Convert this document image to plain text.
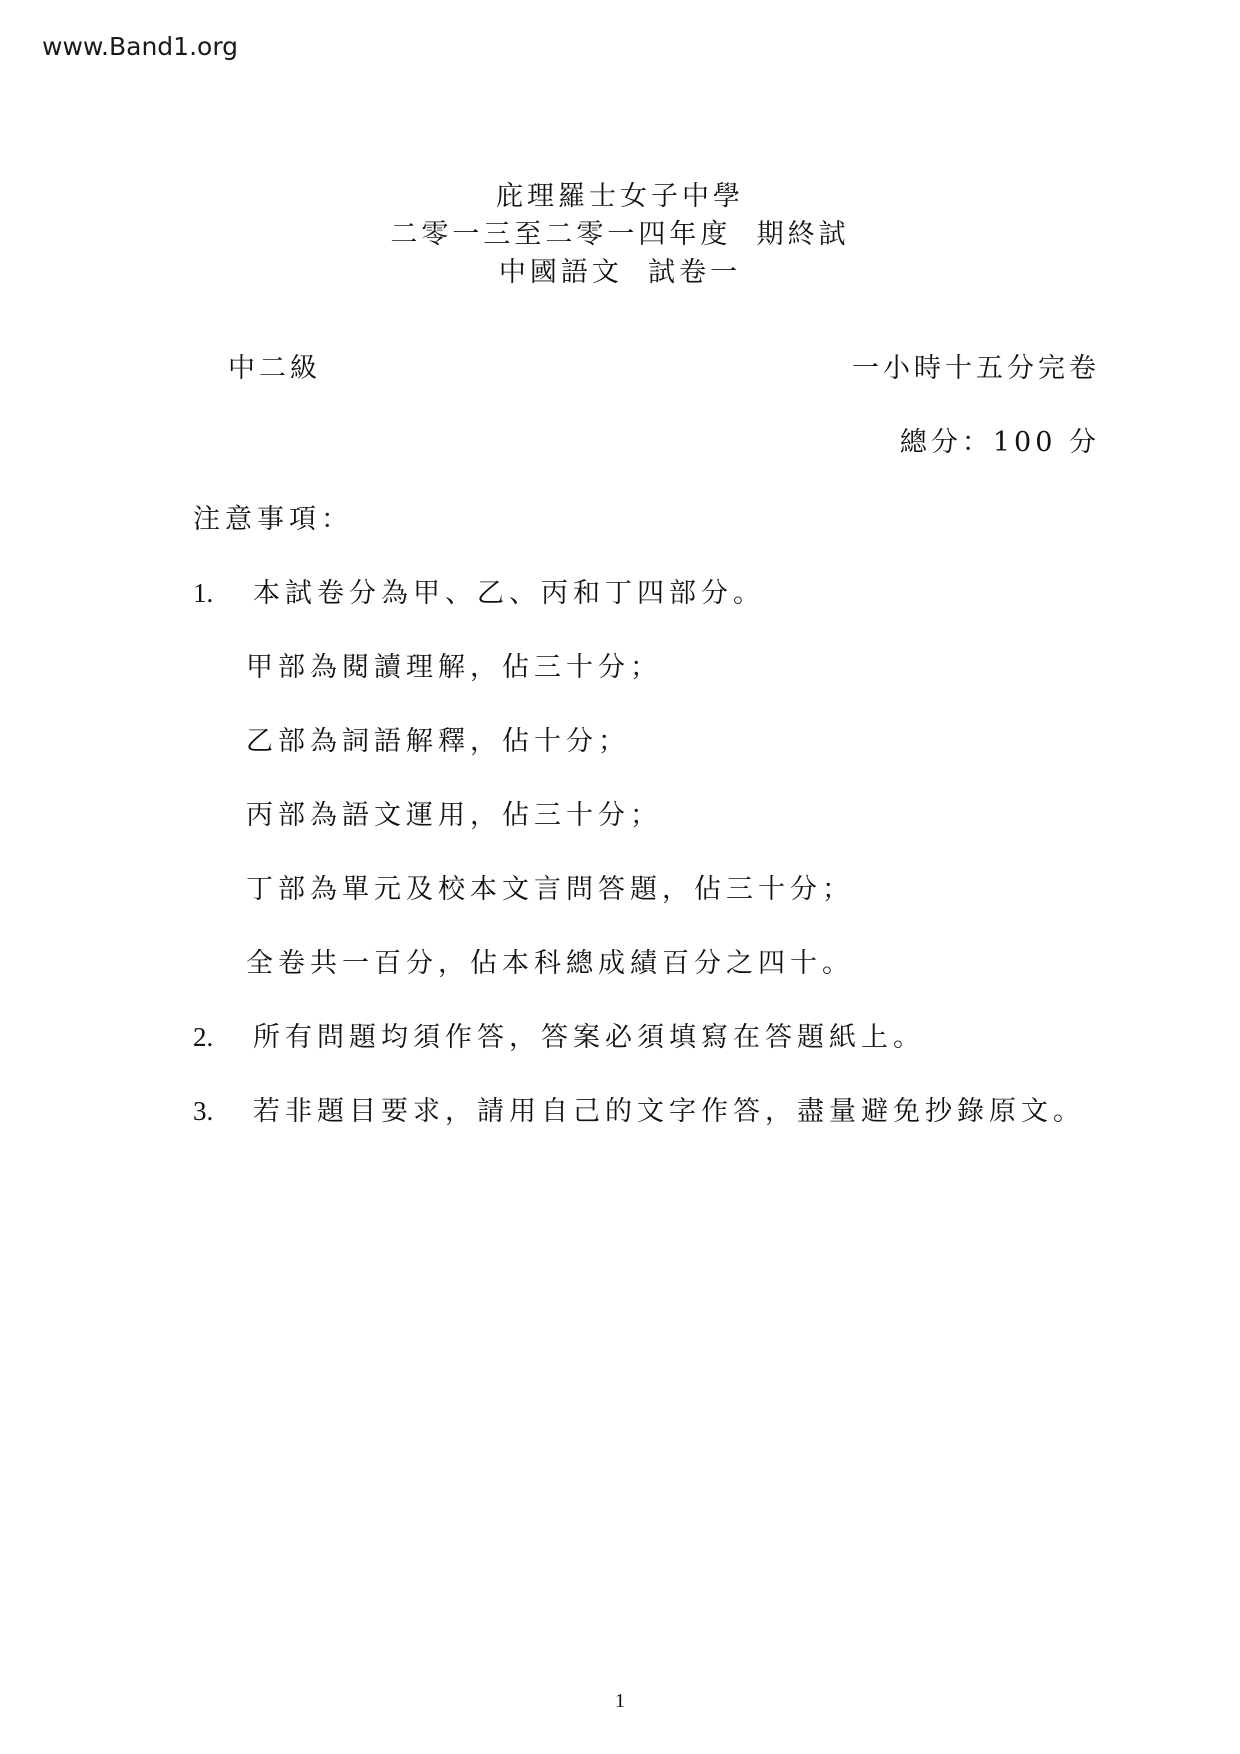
www.Band1.org
庇理羅士女子中學
二零一三至二零一四年度  期終試
中國語文  試卷一
中二級	一小時十五分完卷
總分：100 分
注意事項：
1.	本試卷分為甲、乙、丙和丁四部分。
甲部為閱讀理解，佔三十分；
乙部為詞語解釋，佔十分；
丙部為語文運用，佔三十分；
丁部為單元及校本文言問答題，佔三十分；
全卷共一百分，佔本科總成績百分之四十。
2.	所有問題均須作答，答案必須填寫在答題紙上。
3.	若非題目要求，請用自己的文字作答，盡量避免抄錄原文。
1
